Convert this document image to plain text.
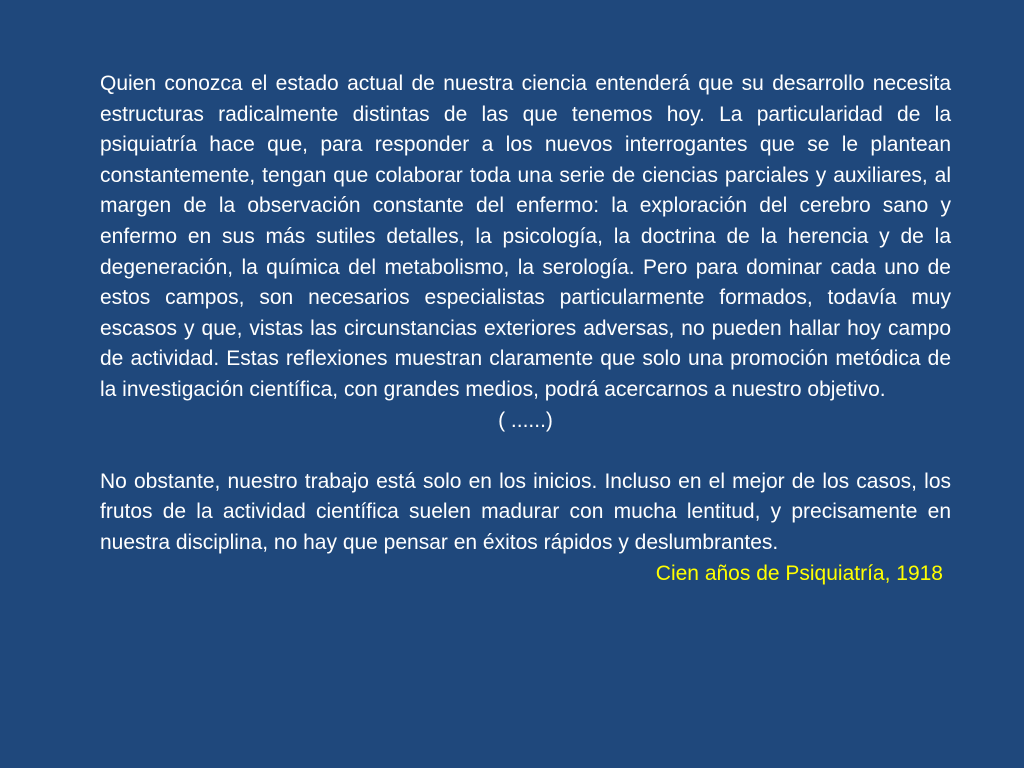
Quien conozca el estado actual de nuestra ciencia entenderá que su desarrollo necesita estructuras radicalmente distintas de las que tenemos hoy. La particularidad de la psiquiatría hace que, para responder a los nuevos interrogantes que se le plantean constantemente, tengan que colaborar toda una serie de ciencias parciales y auxiliares, al margen de la observación constante del enfermo: la exploración del cerebro sano y enfermo en sus más sutiles detalles, la psicología, la doctrina de la herencia y de la degeneración, la química del metabolismo, la serología. Pero para dominar cada uno de estos campos, son necesarios especialistas particularmente formados, todavía muy escasos y que, vistas las circunstancias exteriores adversas, no pueden hallar hoy campo de actividad. Estas reflexiones muestran claramente que solo una promoción metódica de la investigación científica, con grandes medios, podrá acercarnos a nuestro objetivo.

( ......)

No obstante, nuestro trabajo está solo en los inicios. Incluso en el mejor de los casos, los frutos de la actividad científica suelen madurar con mucha lentitud, y precisamente en nuestra disciplina, no hay que pensar en éxitos rápidos y deslumbrantes.

Cien años de Psiquiatría, 1918
